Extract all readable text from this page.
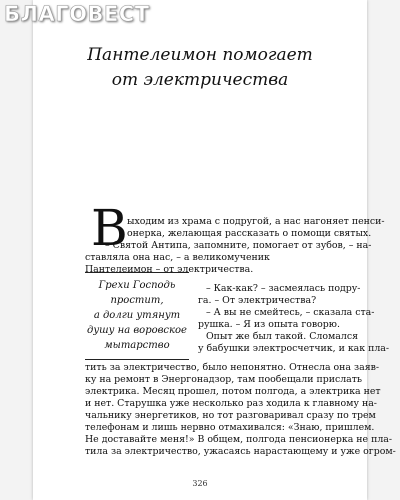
Пантелеимон помогает
от электричества
В ыходим из храма с подругой, а нас нагоняет пенси-
онерка, желающая рассказать о помощи святых.
– Святой Антипа, запомните, помогает от зубов, – на-
ставляла она нас, – а великомученик
Пантелеимон – от электричества.
– Как-как? – засмеялась подру-
га. – От электричества?
– А вы не смейтесь, – сказала ста-
рушка. – Я из опыта говорю.
Опыт же был такой. Сломался
у бабушки электросчетчик, и как пла-
тить за электричество, было непонятно. Отнесла она заяв-
ку на ремонт в Энергонадзор, там пообещали прислать
электрика. Месяц прошел, потом полгода, а электрика нет
и нет. Старушка уже несколько раз ходила к главному на-
чальнику энергетиков, но тот разговаривал сразу по трем
телефонам и лишь нервно отмахивался: «Знаю, пришлем.
Не доставайте меня!» В общем, полгода пенсионерка не пла-
тила за электричество, ужасаясь нарастающему и уже огром-
Грехи Господь
простит,
а долги утянут
душу на воровское
мытарство
326
БЛАГОВЕСТ
